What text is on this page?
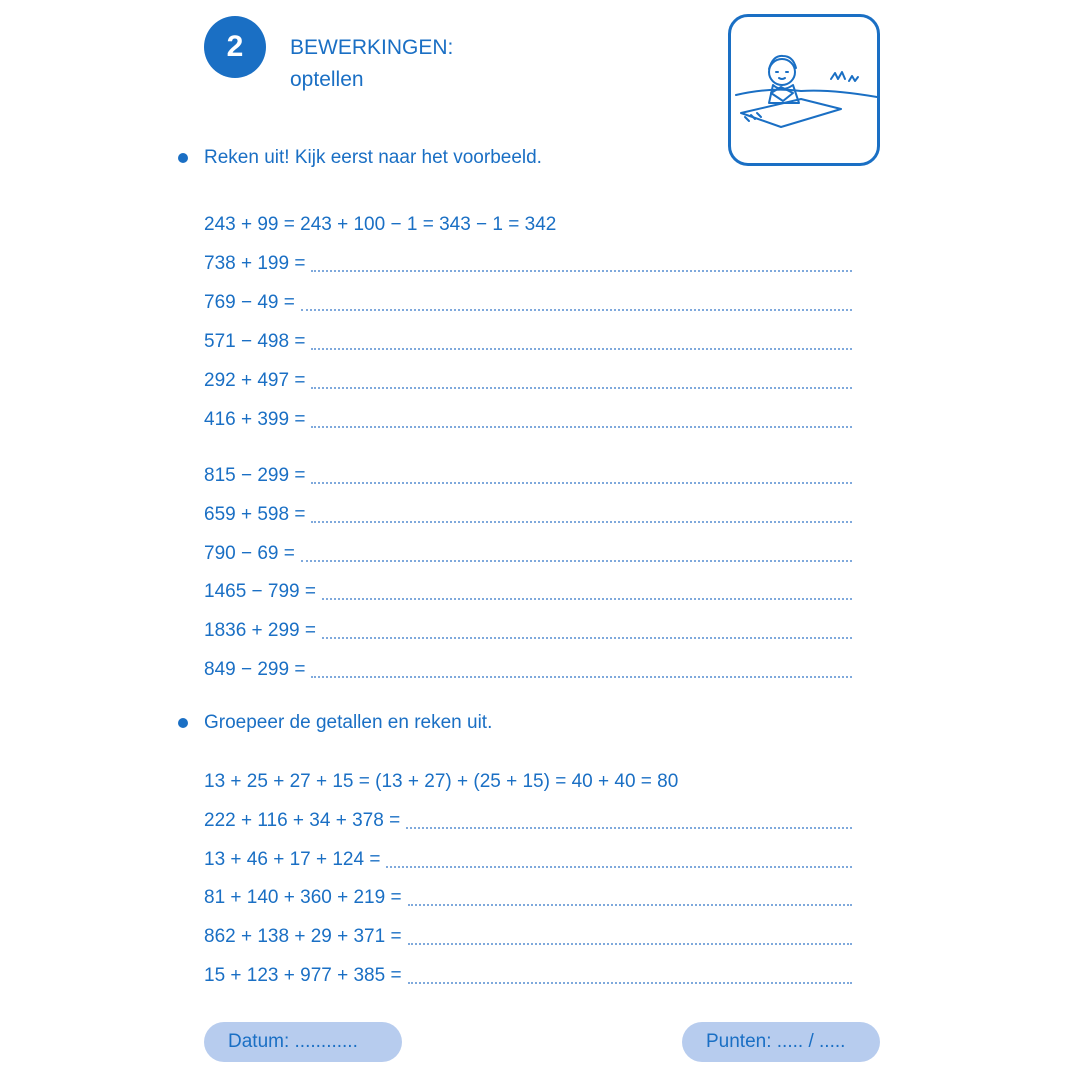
2	BEWERKINGEN:
optellen
Reken uit! Kijk eerst naar het voorbeeld.
243 + 99 = 243 + 100 − 1 = 343 − 1 = 342
738 + 199 =
769 − 49 =
571 − 498 =
292 + 497 =
416 + 399 =
815 − 299 =
659 + 598 =
790 − 69 =
1465 − 799 =
1836 + 299 =
849 − 299 =
Groepeer de getallen en reken uit.
13 + 25 + 27 + 15 = (13 + 27) + (25 + 15) = 40 + 40 = 80
222 + 116 + 34 + 378 =
13 + 46 + 17 + 124 =
81 + 140 + 360 + 219 =
862 + 138 + 29 + 371 =
15 + 123 + 977 + 385 =
Datum: ............	Punten: ..... / .....
